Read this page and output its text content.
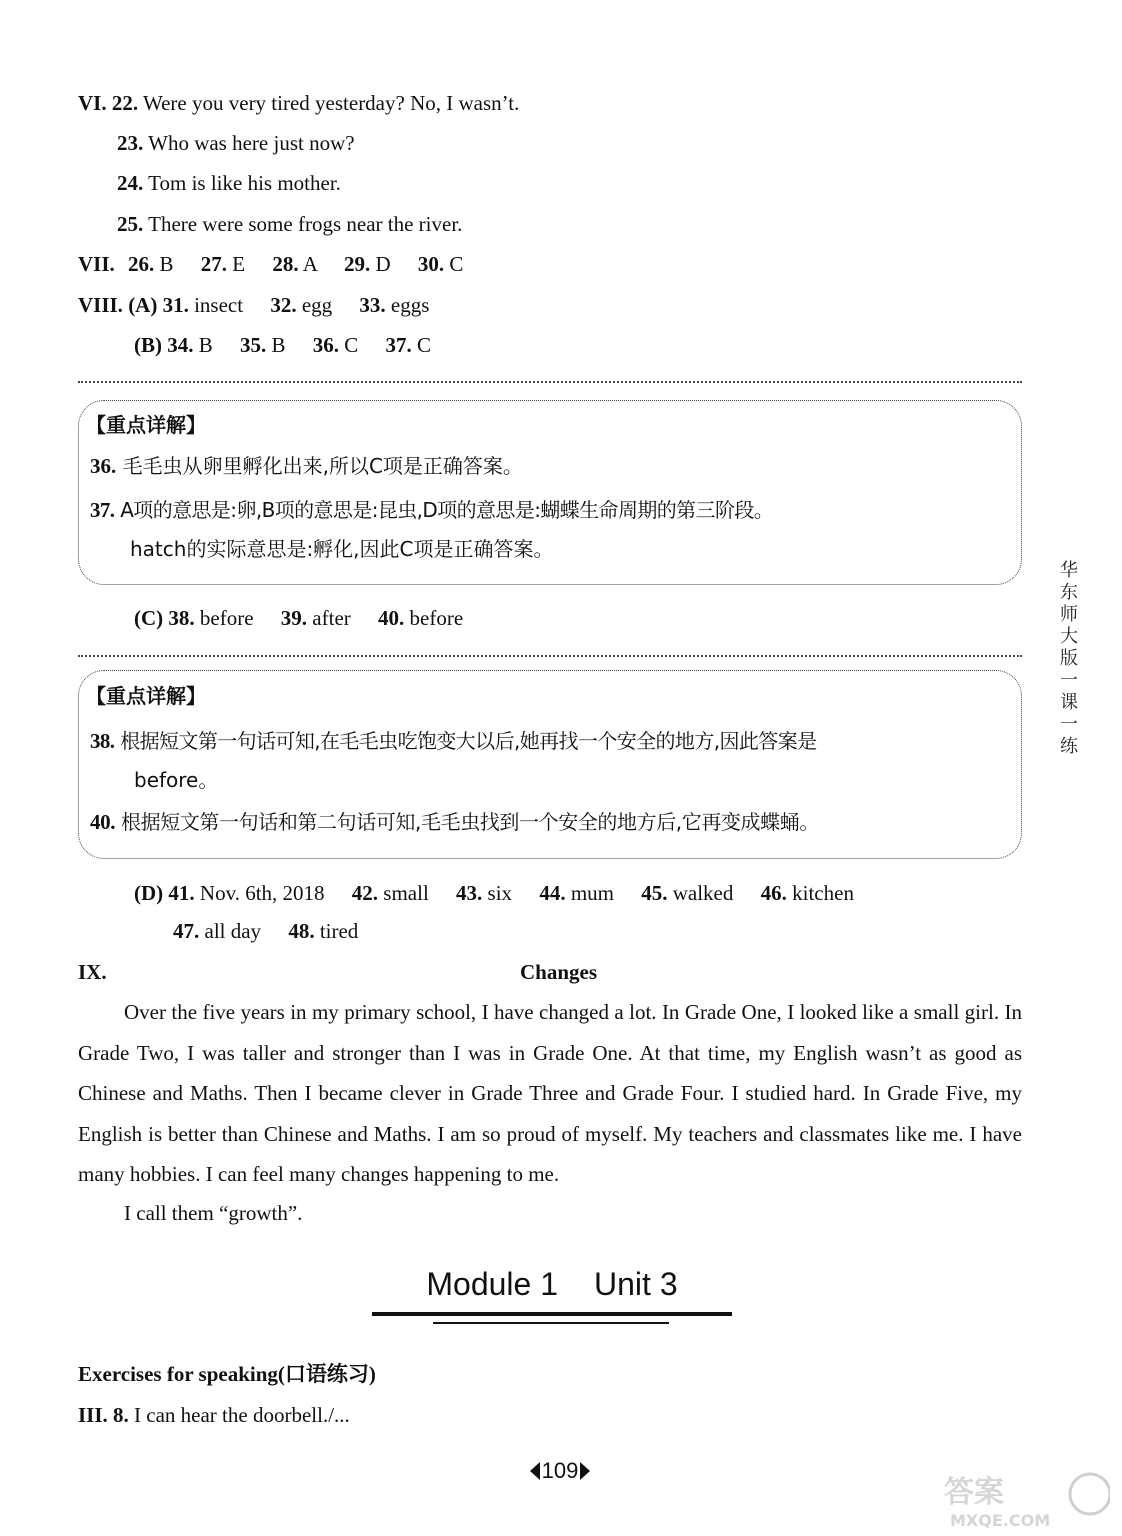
VI. 22. Were you very tired yesterday? No, I wasn’t.
23. Who was here just now?
24. Tom is like his mother.
25. There were some frogs near the river.
VII. 26. B 27. E 28. A 29. D 30. C
VIII. (A) 31. insect 32. egg 33. eggs
(B) 34. B 35. B 36. C 37. C
【重点详解】
36. 毛毛虫从卵里孵化出来,所以C项是正确答案。
37. A项的意思是:卵,B项的意思是:昆虫,D项的意思是:蝴蝶生命周期的第三阶段。
hatch的实际意思是:孵化,因此C项是正确答案。
(C) 38. before 39. after 40. before
【重点详解】
38. 根据短文第一句话可知,在毛毛虫吃饱变大以后,她再找一个安全的地方,因此答案是
before。
40. 根据短文第一句话和第二句话可知,毛毛虫找到一个安全的地方后,它再变成蝶蛹。
(D) 41. Nov. 6th, 2018 42. small 43. six 44. mum 45. walked 46. kitchen
47. all day 48. tired
IX.	Changes
Over the five years in my primary school, I have changed a lot. In Grade One, I looked like a small girl. In Grade Two, I was taller and stronger than I was in Grade One. At that time, my English wasn’t as good as Chinese and Maths. Then I became clever in Grade Three and Grade Four. I studied hard. In Grade Five, my English is better than Chinese and Maths. I am so proud of myself. My teachers and classmates like me. I have many hobbies. I can feel many changes happening to me.
I call them “growth”.
Module 1 Unit 3
Exercises for speaking(口语练习)
III. 8. I can hear the doorbell./...
华东师大版一课一练
109
答案
MXQE.COM
